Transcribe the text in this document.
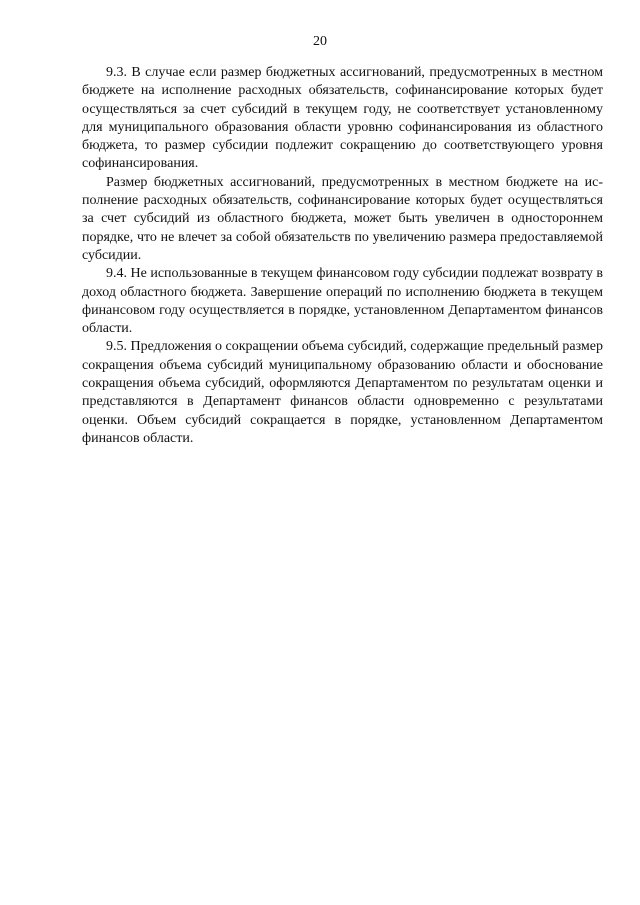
20

9.3. В случае если размер бюджетных ассигнований, предусмотренных в местном бюджете на исполнение расходных обязательств, софинансирование которых будет осуществляться за счет субсидий в текущем году, не соответствует установленному для муниципального образования области уровню софинансирования из областного бюджета, то размер субсидии подлежит сокращению до соответствующего уровня софинансирования.

Размер бюджетных ассигнований, предусмотренных в местном бюджете на исполнение расходных обязательств, софинансирование которых будет осуществляться за счет субсидий из областного бюджета, может быть увеличен в одностороннем порядке, что не влечет за собой обязательств по увеличению размера предоставляемой субсидии.

9.4. Не использованные в текущем финансовом году субсидии подлежат возврату в доход областного бюджета. Завершение операций по исполнению бюджета в текущем финансовом году осуществляется в порядке, установленном Департаментом финансов области.

9.5. Предложения о сокращении объема субсидий, содержащие предельный размер сокращения объема субсидий муниципальному образованию области и обоснование сокращения объема субсидий, оформляются Департаментом по результатам оценки и представляются в Департамент финансов области одновременно с результатами оценки. Объем субсидий сокращается в порядке, установленном Департаментом финансов области.
